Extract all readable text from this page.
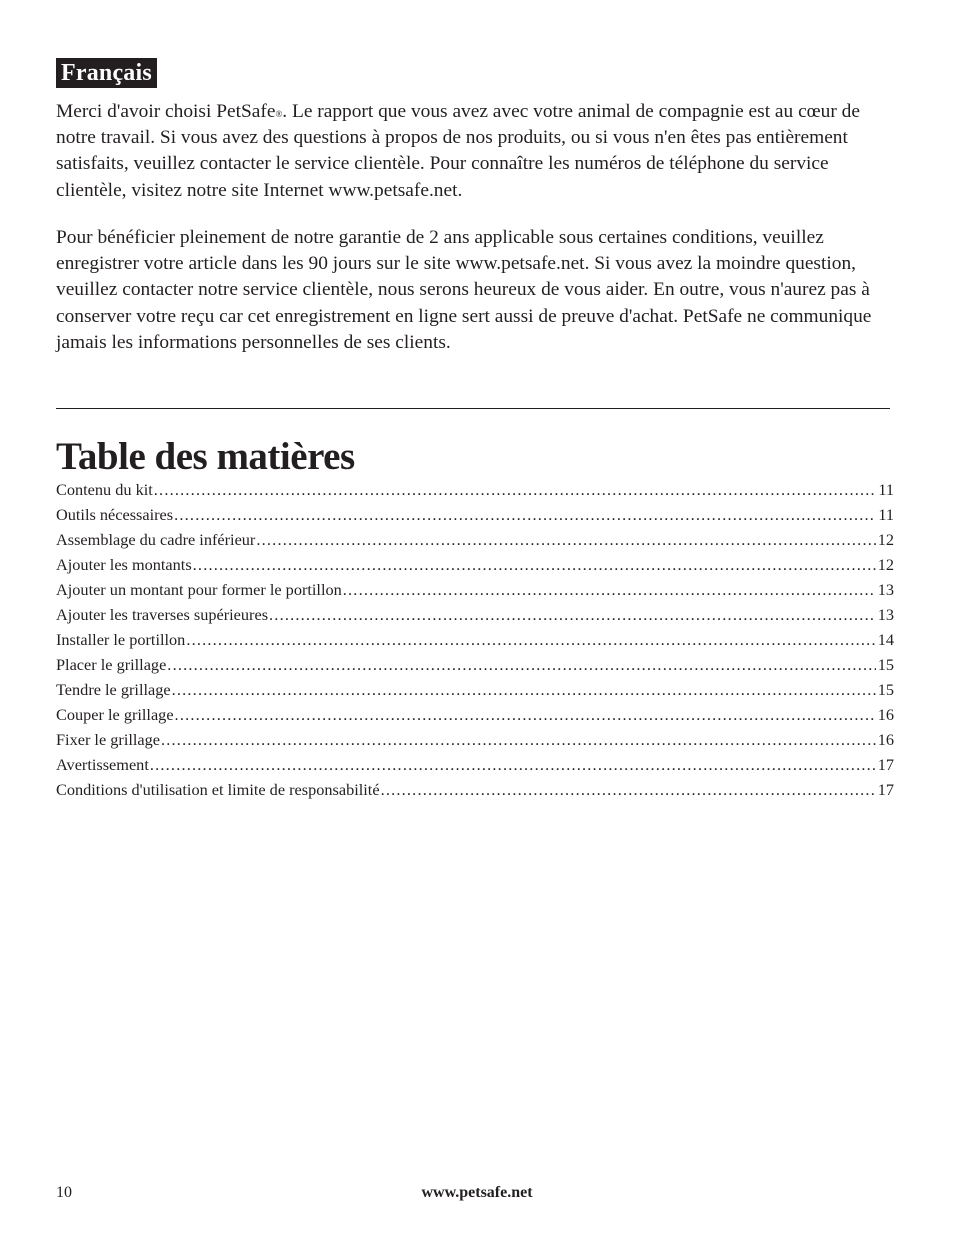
Français

Merci d'avoir choisi PetSafe®. Le rapport que vous avez avec votre animal de compagnie est au cœur de notre travail. Si vous avez des questions à propos de nos produits, ou si vous n'en êtes pas entièrement satisfaits, veuillez contacter le service clientèle. Pour connaître les numéros de téléphone du service clientèle, visitez notre site Internet www.petsafe.net.

Pour bénéficier pleinement de notre garantie de 2 ans applicable sous certaines conditions, veuillez enregistrer votre article dans les 90 jours sur le site www.petsafe.net. Si vous avez la moindre question, veuillez contacter notre service clientèle, nous serons heureux de vous aider. En outre, vous n'aurez pas à conserver votre reçu car cet enregistrement en ligne sert aussi de preuve d'achat. PetSafe ne communique jamais les informations personnelles de ses clients.

Table des matières
Contenu du kit .....	11
Outils nécessaires .....	11
Assemblage du cadre inférieur .....	12
Ajouter les montants .....	12
Ajouter un montant pour former le portillon .....	13
Ajouter les traverses supérieures .....	13
Installer le portillon .....	14
Placer le grillage .....	15
Tendre le grillage .....	15
Couper le grillage .....	16
Fixer le grillage .....	16
Avertissement .....	17
Conditions d'utilisation et limite de responsabilité .....	17
10	www.petsafe.net
